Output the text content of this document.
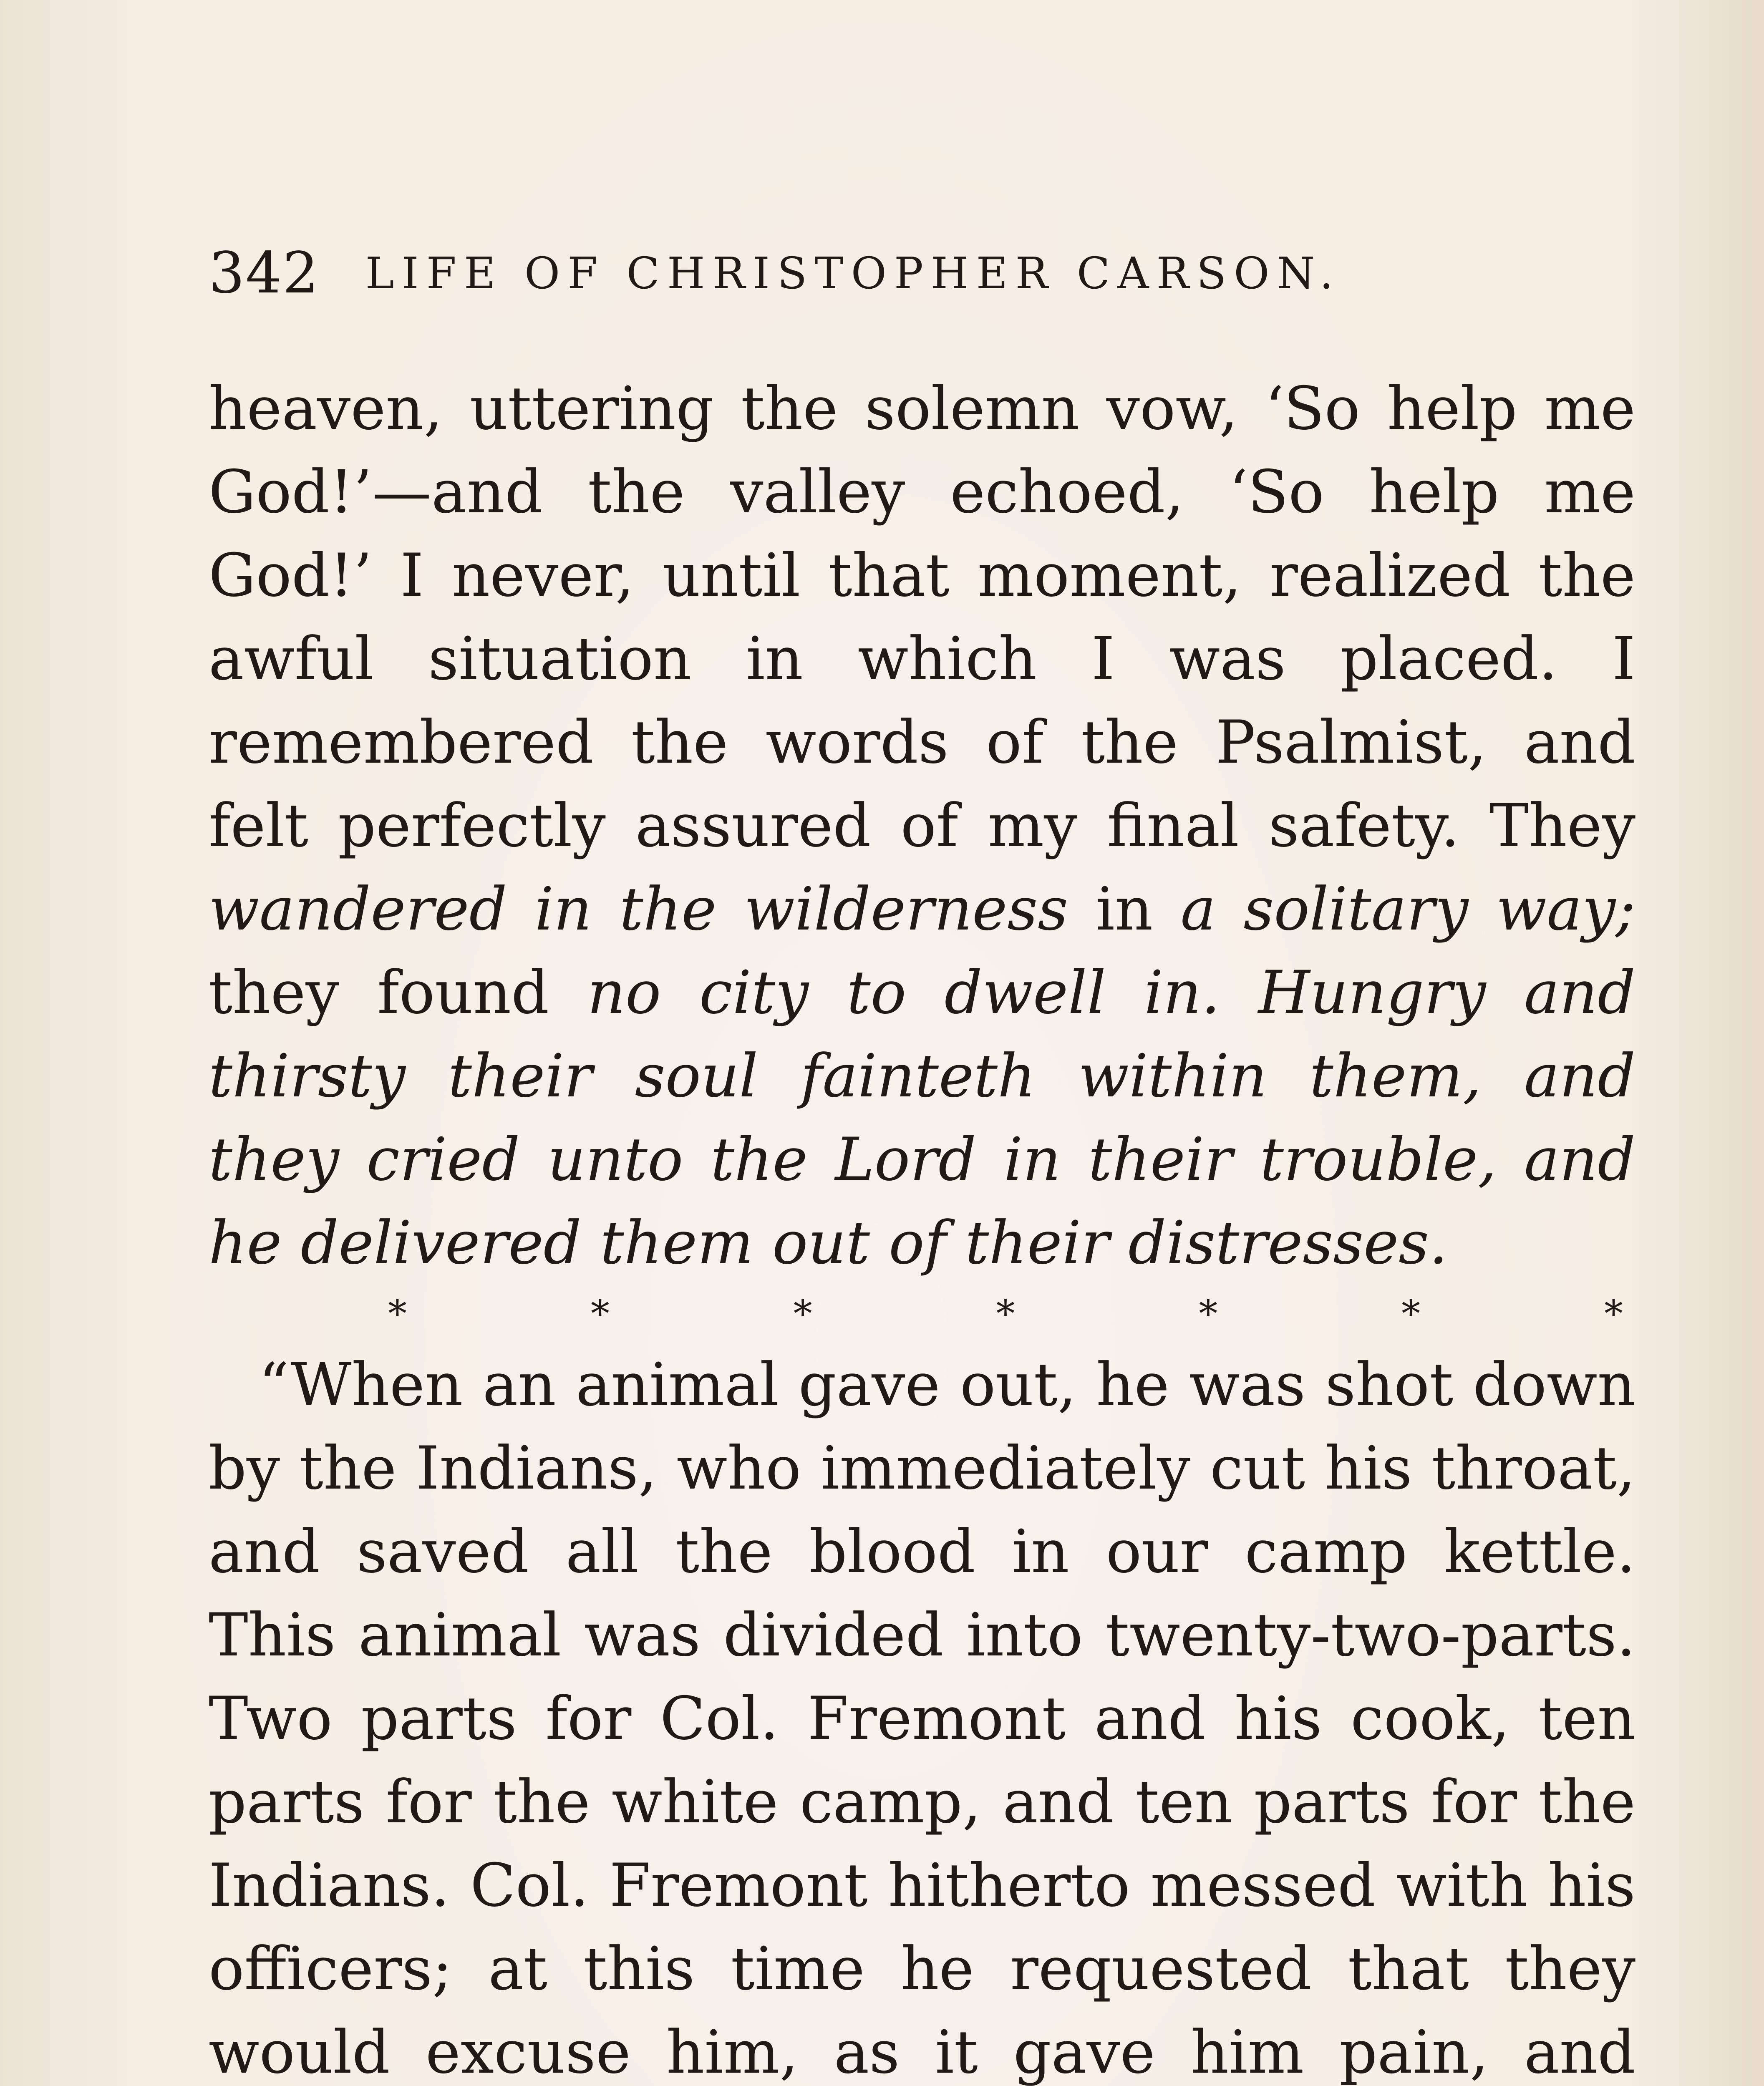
342 LIFE OF CHRISTOPHER CARSON.

heaven, uttering the solemn vow, ‘So help me God!’—and the valley echoed, ‘So help me God!’ I never, until that moment, realized the awful situation in which I was placed. I remembered the words of the Psalmist, and felt perfectly assured of my final safety. They wandered in the wilderness in a solitary way; they found no city to dwell in. Hungry and thirsty their soul fainteth within them, and they cried unto the Lord in their trouble, and he delivered them out of their distresses.

*	*	*	*	*	*	*

“When an animal gave out, he was shot down by the Indians, who immediately cut his throat, and saved all the blood in our camp kettle. This animal was divided into twenty-two-parts. Two parts for Col. Fremont and his cook, ten parts for the white camp, and ten parts for the Indians. Col. Fremont hitherto messed with his officers; at this time he requested that they would excuse him, as it gave him pain, and
